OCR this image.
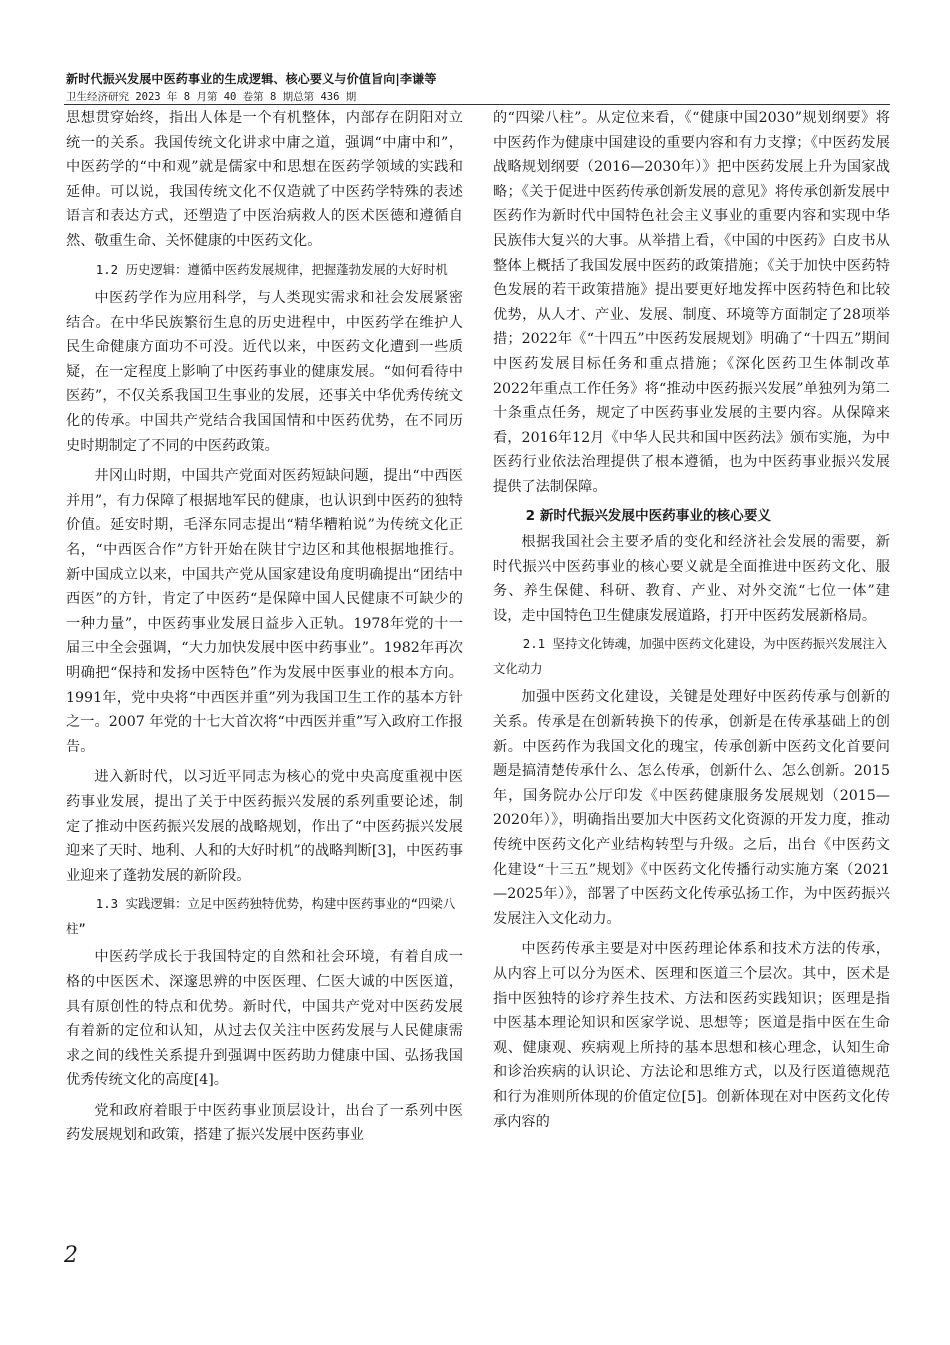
新时代振兴发展中医药事业的生成逻辑、核心要义与价值旨向|李谦等
卫生经济研究 2023 年 8 月第 40 卷第 8 期总第 436 期

思想贯穿始终，指出人体是一个有机整体，内部存在阴阳对立统一的关系。我国传统文化讲求中庸之道，强调“中庸中和”，中医药学的“中和观”就是儒家中和思想在医药学领域的实践和延伸。可以说，我国传统文化不仅造就了中医药学特殊的表述语言和表达方式，还塑造了中医治病救人的医术医德和遵循自然、敬重生命、关怀健康的中医药文化。

1.2 历史逻辑：遵循中医药发展规律，把握蓬勃发展的大好时机

中医药学作为应用科学，与人类现实需求和社会发展紧密结合。在中华民族繁衍生息的历史进程中，中医药学在维护人民生命健康方面功不可没。近代以来，中医药文化遭到一些质疑，在一定程度上影响了中医药事业的健康发展。“如何看待中医药”，不仅关系我国卫生事业的发展，还事关中华优秀传统文化的传承。中国共产党结合我国国情和中医药优势，在不同历史时期制定了不同的中医药政策。

井冈山时期，中国共产党面对医药短缺问题，提出“中西医并用”，有力保障了根据地军民的健康，也认识到中医药的独特价值。延安时期，毛泽东同志提出“精华糟粕说”为传统文化正名，“中西医合作”方针开始在陕甘宁边区和其他根据地推行。新中国成立以来，中国共产党从国家建设角度明确提出“团结中西医”的方针，肯定了中医药“是保障中国人民健康不可缺少的一种力量”，中医药事业发展日益步入正轨。1978年党的十一届三中全会强调，“大力加快发展中医中药事业”。1982年再次明确把“保持和发扬中医特色”作为发展中医事业的根本方向。1991年，党中央将“中西医并重”列为我国卫生工作的基本方针之一。2007 年党的十七大首次将“中西医并重”写入政府工作报告。

进入新时代，以习近平同志为核心的党中央高度重视中医药事业发展，提出了关于中医药振兴发展的系列重要论述，制定了推动中医药振兴发展的战略规划，作出了“中医药振兴发展迎来了天时、地利、人和的大好时机”的战略判断[3]，中医药事业迎来了蓬勃发展的新阶段。

1.3 实践逻辑：立足中医药独特优势，构建中医药事业的“四梁八柱”

中医药学成长于我国特定的自然和社会环境，有着自成一格的中医医术、深邃思辨的中医医理、仁医大诚的中医医道，具有原创性的特点和优势。新时代，中国共产党对中医药发展有着新的定位和认知，从过去仅关注中医药发展与人民健康需求之间的线性关系提升到强调中医药助力健康中国、弘扬我国优秀传统文化的高度[4]。

党和政府着眼于中医药事业顶层设计，出台了一系列中医药发展规划和政策，搭建了振兴发展中医药事业

的“四梁八柱”。从定位来看，《“健康中国2030”规划纲要》将中医药作为健康中国建设的重要内容和有力支撑；《中医药发展战略规划纲要（2016—2030年）》把中医药发展上升为国家战略；《关于促进中医药传承创新发展的意见》将传承创新发展中医药作为新时代中国特色社会主义事业的重要内容和实现中华民族伟大复兴的大事。从举措上看，《中国的中医药》白皮书从整体上概括了我国发展中医药的政策措施；《关于加快中医药特色发展的若干政策措施》提出要更好地发挥中医药特色和比较优势，从人才、产业、发展、制度、环境等方面制定了28项举措；2022年《“十四五”中医药发展规划》明确了“十四五”期间中医药发展目标任务和重点措施；《深化医药卫生体制改革2022年重点工作任务》将“推动中医药振兴发展”单独列为第二十条重点任务，规定了中医药事业发展的主要内容。从保障来看，2016年12月《中华人民共和国中医药法》颁布实施，为中医药行业依法治理提供了根本遵循，也为中医药事业振兴发展提供了法制保障。

2 新时代振兴发展中医药事业的核心要义

根据我国社会主要矛盾的变化和经济社会发展的需要，新时代振兴中医药事业的核心要义就是全面推进中医药文化、服务、养生保健、科研、教育、产业、对外交流“七位一体”建设，走中国特色卫生健康发展道路，打开中医药发展新格局。

2.1 坚持文化铸魂，加强中医药文化建设，为中医药振兴发展注入文化动力

加强中医药文化建设，关键是处理好中医药传承与创新的关系。传承是在创新转换下的传承，创新是在传承基础上的创新。中医药作为我国文化的瑰宝，传承创新中医药文化首要问题是搞清楚传承什么、怎么传承，创新什么、怎么创新。2015年，国务院办公厅印发《中医药健康服务发展规划（2015—2020年）》，明确指出要加大中医药文化资源的开发力度，推动传统中医药文化产业结构转型与升级。之后，出台《中医药文化建设“十三五”规划》《中医药文化传播行动实施方案（2021—2025年）》，部署了中医药文化传承弘扬工作，为中医药振兴发展注入文化动力。

中医药传承主要是对中医药理论体系和技术方法的传承，从内容上可以分为医术、医理和医道三个层次。其中，医术是指中医独特的诊疗养生技术、方法和医药实践知识；医理是指中医基本理论知识和医家学说、思想等；医道是指中医在生命观、健康观、疾病观上所持的基本思想和核心理念，认知生命和诊治疾病的认识论、方法论和思维方式，以及行医道德规范和行为准则所体现的价值定位[5]。创新体现在对中医药文化传承内容的

2
